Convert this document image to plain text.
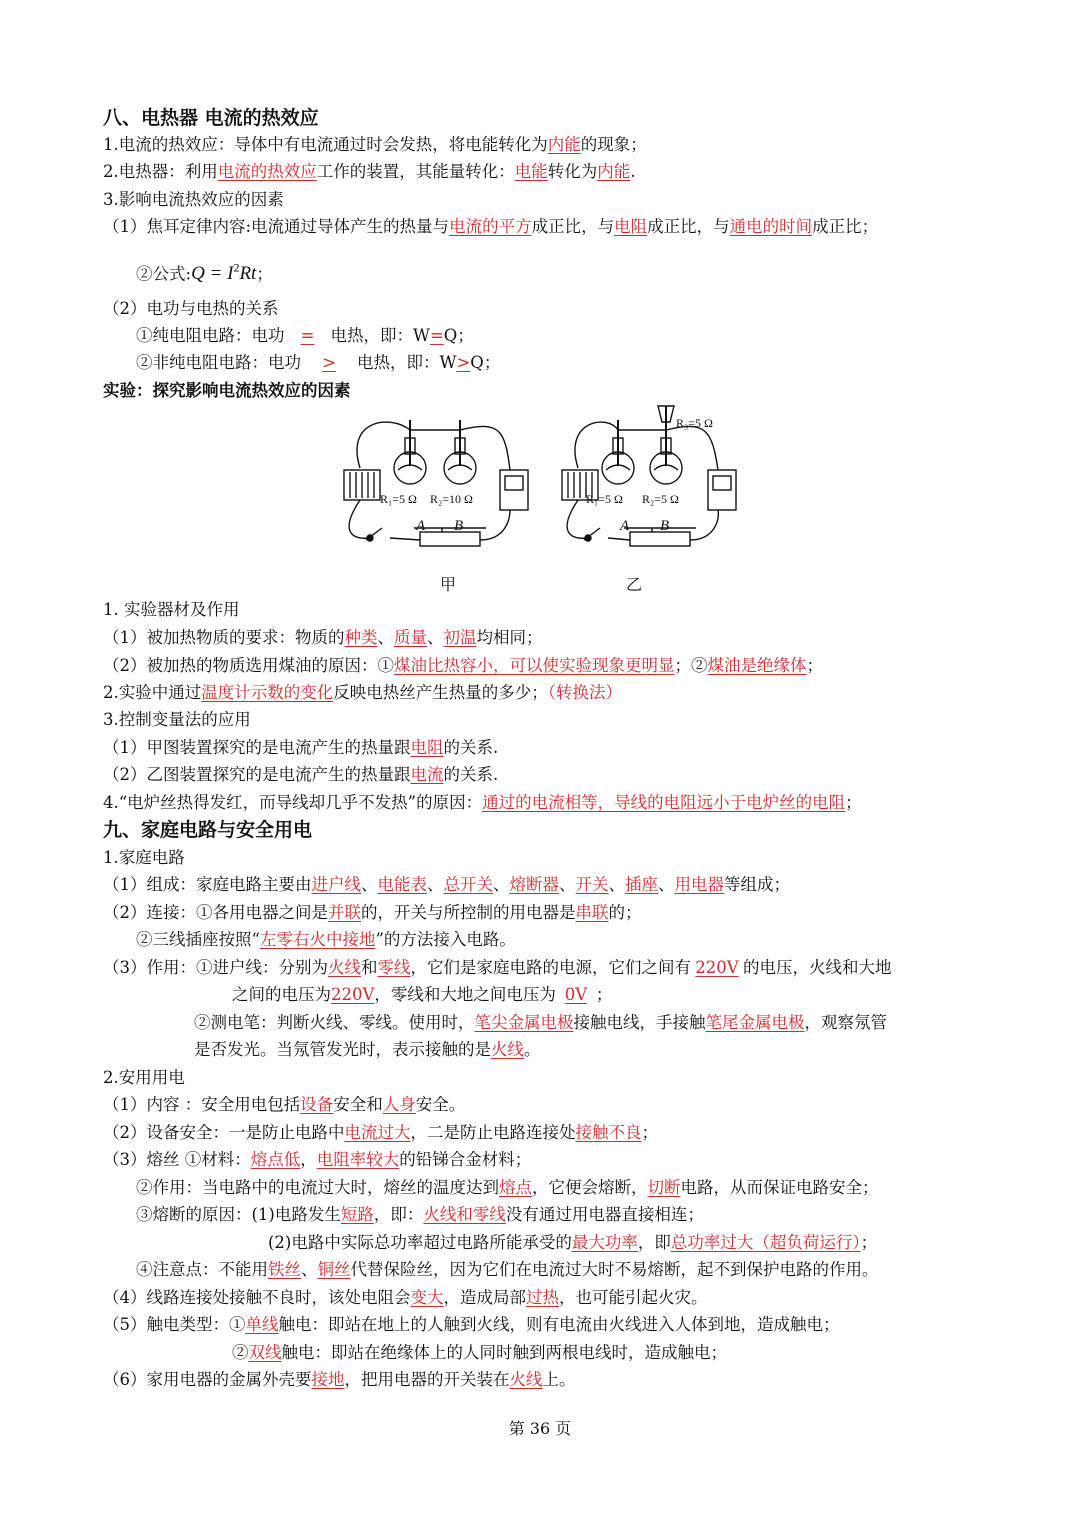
八、电热器 电流的热效应
1.电流的热效应：导体中有电流通过时会发热，将电能转化为内能的现象；
2.电热器：利用电流的热效应工作的装置，其能量转化：电能转化为内能.
3.影响电流热效应的因素
（1）焦耳定律内容:电流通过导体产生的热量与电流的平方成正比，与电阻成正比，与通电的时间成正比；
②公式:Q = $I^2Rt$；
（2）电功与电热的关系
①纯电阻电路：电功 = 电热，即：W=Q；
②非纯电阻电路：电功 > 电热，即：W>Q；
实验：探究影响电流热效应的因素
R₁=5 Ω R₂=10 Ω
A B
甲
R₁=5 Ω R₂=5 Ω
R₃=5 Ω
A B
乙
1. 实验器材及作用
（1）被加热物质的要求：物质的种类、质量、初温均相同；
（2）被加热的物质选用煤油的原因：①煤油比热容小，可以使实验现象更明显；②煤油是绝缘体；
2.实验中通过温度计示数的变化反映电热丝产生热量的多少；（转换法）
3.控制变量法的应用
（1）甲图装置探究的是电流产生的热量跟电阻的关系.
（2）乙图装置探究的是电流产生的热量跟电流的关系.
4.“电炉丝热得发红，而导线却几乎不发热”的原因：通过的电流相等，导线的电阻远小于电炉丝的电阻；
九、家庭电路与安全用电
1.家庭电路
（1）组成：家庭电路主要由进户线、电能表、总开关、熔断器、开关、插座、用电器等组成；
（2）连接：①各用电器之间是并联的，开关与所控制的用电器是串联的；
②三线插座按照“左零右火中接地”的方法接入电路。
（3）作用：①进户线：分别为火线和零线，它们是家庭电路的电源，它们之间有 220V 的电压，火线和大地
之间的电压为220V，零线和大地之间电压为 0V ；
②测电笔：判断火线、零线。使用时，笔尖金属电极接触电线，手接触笔尾金属电极，观察氖管
是否发光。当氖管发光时，表示接触的是火线。
2.安用用电
（1）内容 ：安全用电包括设备安全和人身安全。
（2）设备安全：一是防止电路中电流过大，二是防止电路连接处接触不良；
（3）熔丝 ①材料：熔点低，电阻率较大的铅锑合金材料；
②作用：当电路中的电流过大时，熔丝的温度达到熔点，它便会熔断，切断电路，从而保证电路安全；
③熔断的原因：(1)电路发生短路，即：火线和零线没有通过用电器直接相连；
(2)电路中实际总功率超过电路所能承受的最大功率，即总功率过大（超负荷运行）；
④注意点：不能用铁丝、铜丝代替保险丝，因为它们在电流过大时不易熔断，起不到保护电路的作用。
（4）线路连接处接触不良时，该处电阻会变大，造成局部过热，也可能引起火灾。
（5）触电类型：①单线触电：即站在地上的人触到火线，则有电流由火线进入人体到地，造成触电；
②双线触电：即站在绝缘体上的人同时触到两根电线时，造成触电；
（6）家用电器的金属外壳要接地，把用电器的开关装在火线上。
第 36 页
